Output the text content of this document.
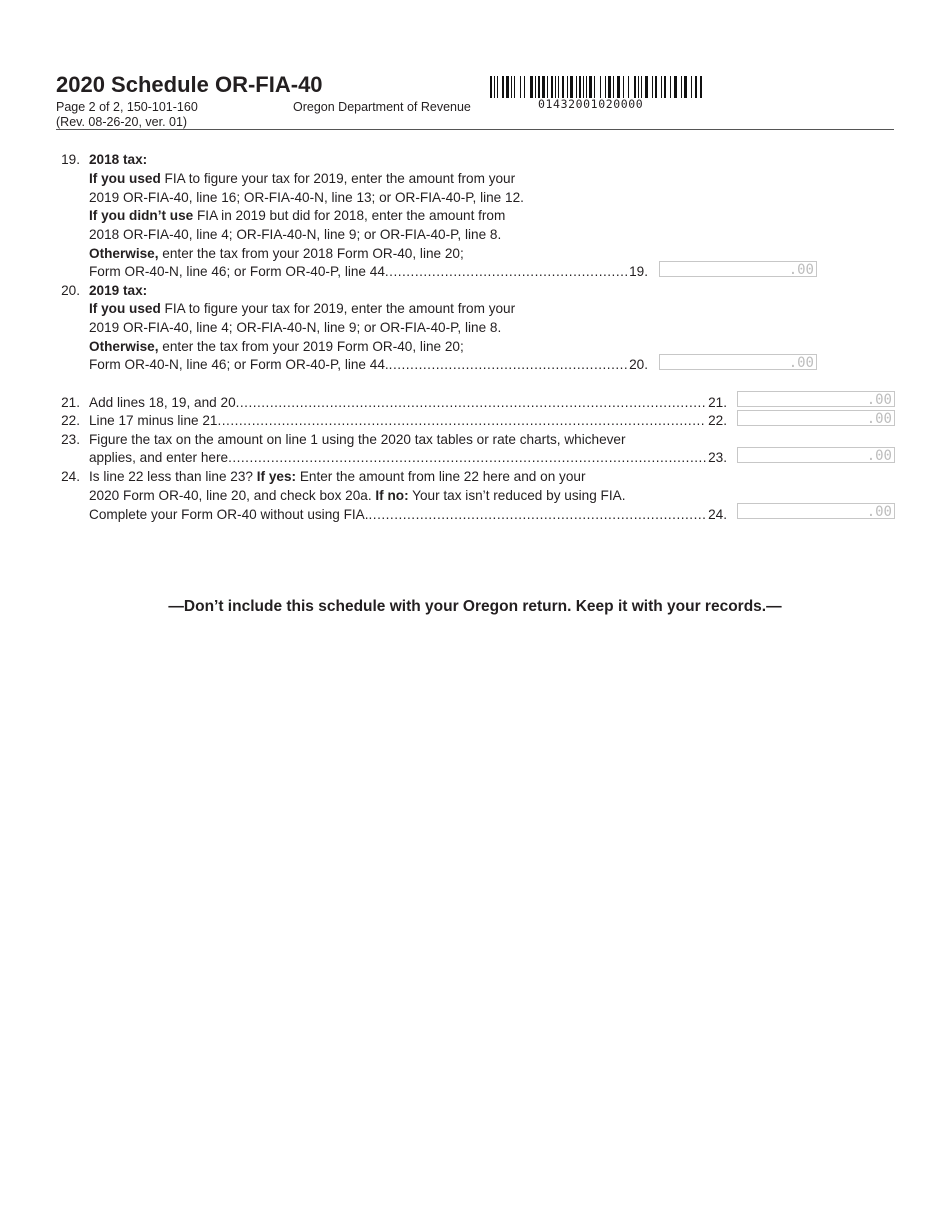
2020 Schedule OR-FIA-40
Page 2 of 2, 150-101-160
(Rev. 08-26-20, ver. 01)
Oregon Department of Revenue	01432001020000
19. 2018 tax:
If you used FIA to figure your tax for 2019, enter the amount from your
2019 OR-FIA-40, line 16; OR-FIA-40-N, line 13; or OR-FIA-40-P, line 12.
If you didn’t use FIA in 2019 but did for 2018, enter the amount from
2018 OR-FIA-40, line 4; OR-FIA-40-N, line 9; or OR-FIA-40-P, line 8.
Otherwise, enter the tax from your 2018 Form OR-40, line 20;
Form OR-40-N, line 46; or Form OR-40-P, line 44 .....	19.	.00
20. 2019 tax:
If you used FIA to figure your tax for 2019, enter the amount from your
2019 OR-FIA-40, line 4; OR-FIA-40-N, line 9; or OR-FIA-40-P, line 8.
Otherwise, enter the tax from your 2019 Form OR-40, line 20;
Form OR-40-N, line 46; or Form OR-40-P, line 44. .....	20.	.00
21. Add lines 18, 19, and 20 .....	21.	.00
22. Line 17 minus line 21 .....	22.	.00
23. Figure the tax on the amount on line 1 using the 2020 tax tables or rate charts, whichever
applies, and enter here .....	23.	.00
24. Is line 22 less than line 23? If yes: Enter the amount from line 22 here and on your
2020 Form OR-40, line 20, and check box 20a. If no: Your tax isn’t reduced by using FIA.
Complete your Form OR-40 without using FIA. .....	24.	.00
—Don’t include this schedule with your Oregon return. Keep it with your records.—
